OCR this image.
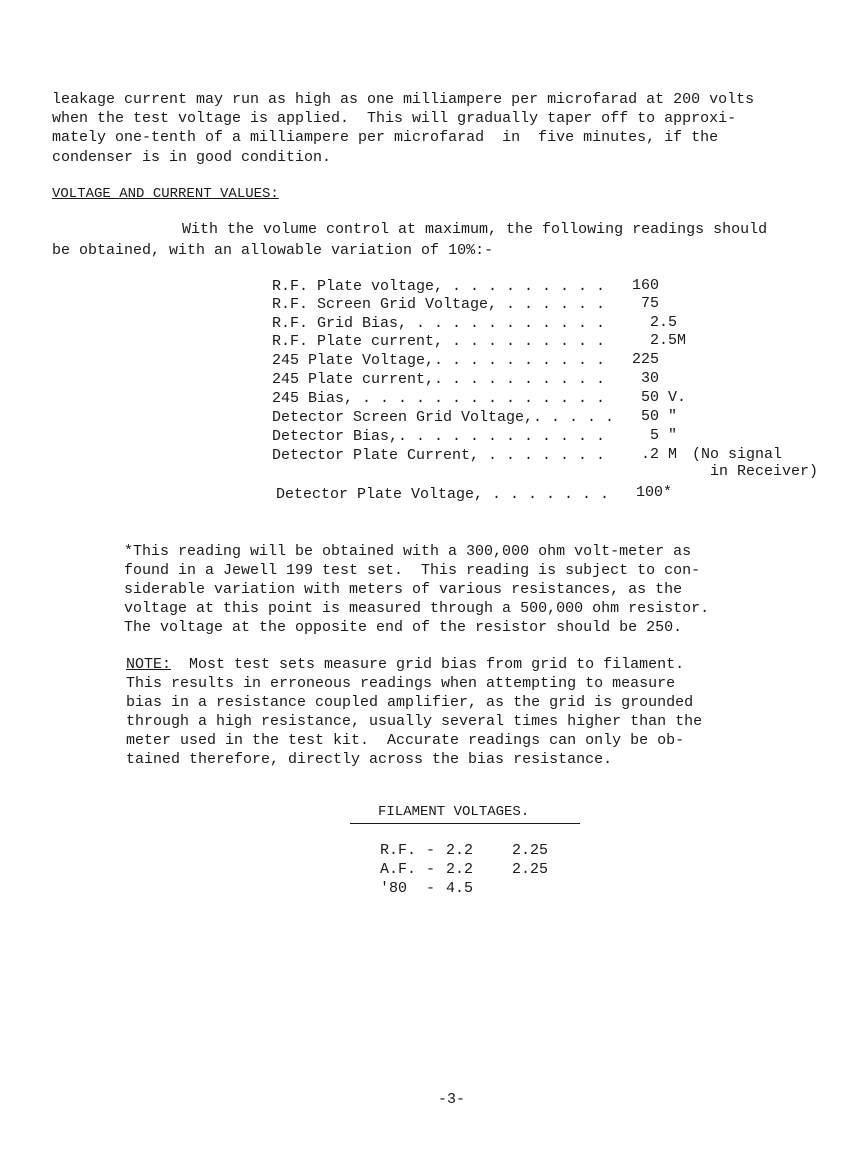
leakage current may run as high as one milliampere per microfarad at 200 volts
when the test voltage is applied.  This will gradually taper off to approxi-
mately one-tenth of a milliampere per microfarad  in  five minutes, if the
condenser is in good condition.
VOLTAGE AND CURRENT VALUES:
With the volume control at maximum, the following readings should
be obtained, with an allowable variation of 10%:-
R.F. Plate voltage, . . . . . . . . . 160
R.F. Screen Grid Voltage, . . . . . . 75
R.F. Grid Bias, . . . . . . . . . . . 2.5
R.F. Plate current, . . . . . . . . . 2.5M
245 Plate Voltage,. . . . . . . . . . 225
245 Plate current,. . . . . . . . . . 30
245 Bias, . . . . . . . . . . . . . . 50 V.
Detector Screen Grid Voltage,. . . . . 50 "
Detector Bias,. . . . . . . . . . . . 5 "
Detector Plate Current, . . . . . . . .2 M (No signal
in Receiver)
Detector Plate Voltage, . . . . . . . 100*
*This reading will be obtained with a 300,000 ohm volt-meter as
found in a Jewell 199 test set.  This reading is subject to con-
siderable variation with meters of various resistances, as the
voltage at this point is measured through a 500,000 ohm resistor.
The voltage at the opposite end of the resistor should be 250.
NOTE:  Most test sets measure grid bias from grid to filament.
This results in erroneous readings when attempting to measure
bias in a resistance coupled amplifier, as the grid is grounded
through a high resistance, usually several times higher than the
meter used in the test kit.  Accurate readings can only be ob-
tained therefore, directly across the bias resistance.
FILAMENT VOLTAGES.
R.F. - 2.2	2.25
A.F. - 2.2	2.25
'80 - 4.5
-3-
